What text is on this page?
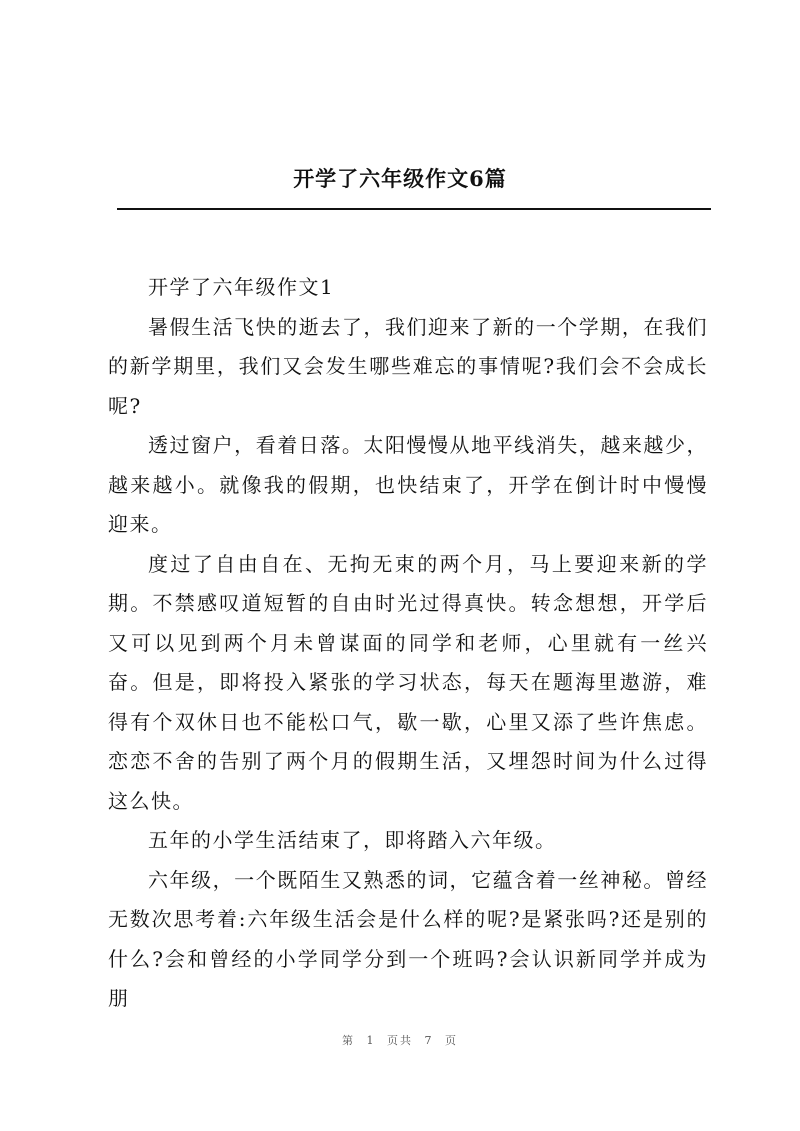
开学了六年级作文6篇

开学了六年级作文1

暑假生活飞快的逝去了，我们迎来了新的一个学期，在我们的新学期里，我们又会发生哪些难忘的事情呢?我们会不会成长呢?

透过窗户，看着日落。太阳慢慢从地平线消失，越来越少，越来越小。就像我的假期，也快结束了，开学在倒计时中慢慢迎来。

度过了自由自在、无拘无束的两个月，马上要迎来新的学期。不禁感叹道短暂的自由时光过得真快。转念想想，开学后又可以见到两个月未曾谋面的同学和老师，心里就有一丝兴奋。但是，即将投入紧张的学习状态，每天在题海里遨游，难得有个双休日也不能松口气，歇一歇，心里又添了些许焦虑。恋恋不舍的告别了两个月的假期生活，又埋怨时间为什么过得这么快。

五年的小学生活结束了，即将踏入六年级。

六年级，一个既陌生又熟悉的词，它蕴含着一丝神秘。曾经无数次思考着:六年级生活会是什么样的呢?是紧张吗?还是别的什么?会和曾经的小学同学分到一个班吗?会认识新同学并成为朋

第 1 页共 7 页
